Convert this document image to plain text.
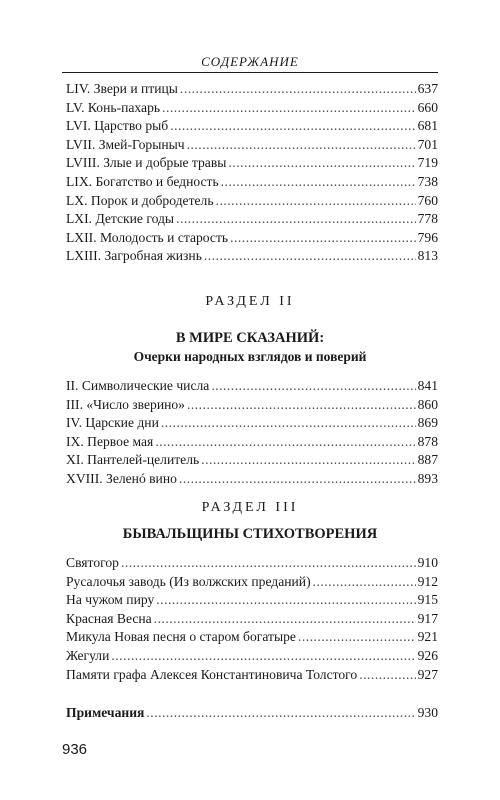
СОДЕРЖАНИЕ
LIV. Звери и птицы .....	637
LV. Конь-пахарь .....	660
LVI. Царство рыб .....	681
LVII. Змей-Горыныч .....	701
LVIII. Злые и добрые травы .....	719
LIX. Богатство и бедность .....	738
LX. Порок и добродетель .....	760
LXI. Детские годы .....	778
LXII. Молодость и старость .....	796
LXIII. Загробная жизнь .....	813
РАЗДЕЛ II
В МИРЕ СКАЗАНИЙ:
Очерки народных взглядов и поверий
II. Символические числа .....	841
III. «Число зверино» .....	860
IV. Царские дни .....	869
IX. Первое мая .....	878
XI. Пантелей-целитель .....	887
XVIII. Зеленó вино .....	893
РАЗДЕЛ III
БЫВАЛЬЩИНЫ СТИХОТВОРЕНИЯ
Святогор .....	910
Русалочья заводь (Из волжских преданий) .....	912
На чужом пиру .....	915
Красная Весна .....	917
Микула Новая песня о старом богатыре .....	921
Жегули .....	926
Памяти графа Алексея Константиновича Толстого .....	927
Примечания .....	930
936
